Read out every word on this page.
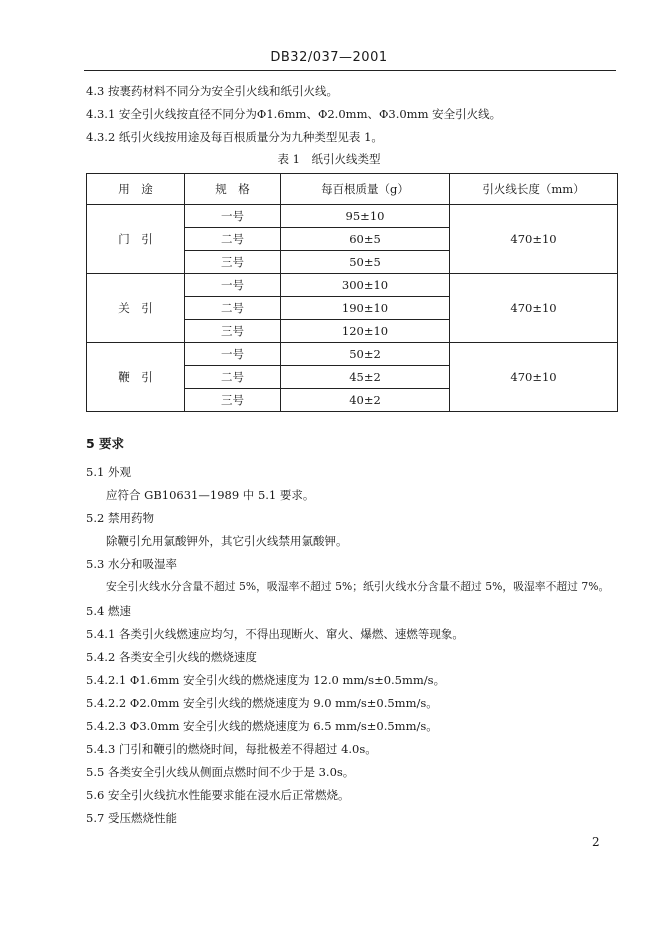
DB32/037—2001
4.3 按裹药材料不同分为安全引火线和纸引火线。
4.3.1 安全引火线按直径不同分为Φ1.6mm、Φ2.0mm、Φ3.0mm 安全引火线。
4.3.2 纸引火线按用途及每百根质量分为九种类型见表 1。
表 1　纸引火线类型
用　途	规　格	每百根质量（g）	引火线长度（mm）
门　引	一号	95±10	470±10
	二号	60±5	
	三号	50±5	
关　引	一号	300±10	470±10
	二号	190±10	
	三号	120±10	
鞭　引	一号	50±2	470±10
	二号	45±2	
	三号	40±2	
5 要求
5.1 外观
应符合 GB10631—1989 中 5.1 要求。
5.2 禁用药物
除鞭引允用氯酸钾外，其它引火线禁用氯酸钾。
5.3 水分和吸湿率
安全引火线水分含量不超过 5%，吸湿率不超过 5%；纸引火线水分含量不超过 5%，吸湿率不超过 7%。
5.4 燃速
5.4.1 各类引火线燃速应均匀，不得出现断火、窜火、爆燃、速燃等现象。
5.4.2 各类安全引火线的燃烧速度
5.4.2.1 Φ1.6mm 安全引火线的燃烧速度为 12.0 mm/s±0.5mm/s。
5.4.2.2 Φ2.0mm 安全引火线的燃烧速度为 9.0 mm/s±0.5mm/s。
5.4.2.3 Φ3.0mm 安全引火线的燃烧速度为 6.5 mm/s±0.5mm/s。
5.4.3 门引和鞭引的燃烧时间，每批极差不得超过 4.0s。
5.5 各类安全引火线从侧面点燃时间不少于是 3.0s。
5.6 安全引火线抗水性能要求能在浸水后正常燃烧。
5.7 受压燃烧性能
2
